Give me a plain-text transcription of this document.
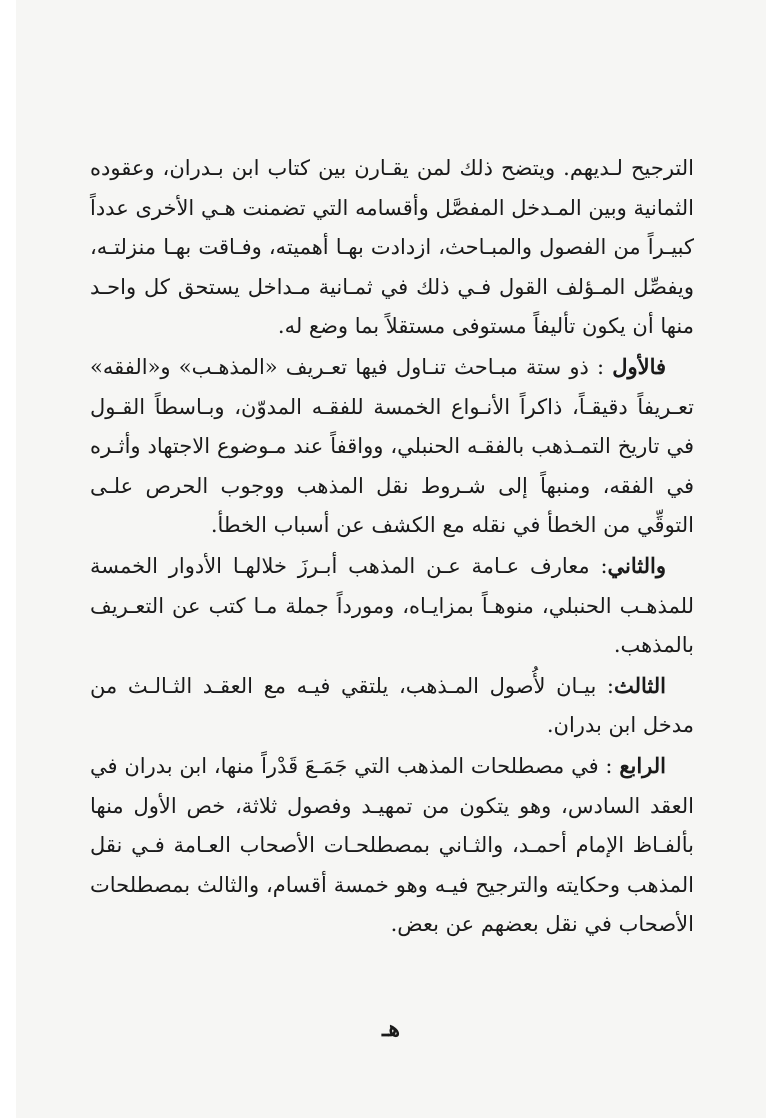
الترجيح لـديهم. ويتضح ذلك لمن يقـارن بين كتاب ابن بـدران، وعقوده الثمانية وبين المـدخل المفصَّل وأقسامه التي تضمنت هـي الأخرى عدداً كبيـراً من الفصول والمبـاحث، ازدادت بهـا أهميته، وفـاقت بهـا منزلتـه، ويفصِّل المـؤلف القول فـي ذلك في ثمـانية مـداخل يستحق كل واحـد منها أن يكون تأليفاً مستوفى مستقلاً بما وضع له.

فالأول : ذو ستة مبـاحث تنـاول فيها تعـريف «المذهـب» و«الفقه» تعـريفاً دقيقـاً، ذاكراً الأنـواع الخمسة للفقـه المدوّن، وبـاسطاً القـول في تاريخ التمـذهب بالفقـه الحنبلي، وواقفاً عند مـوضوع الاجتهاد وأثـره في الفقه، ومنبهاً إلى شـروط نقل المذهب ووجوب الحرص علـى التوقِّي من الخطأ في نقله مع الكشف عن أسباب الخطأ.

والثاني: معارف عـامة عـن المذهب أبـرزَ خلالهـا الأدوار الخمسة للمذهـب الحنبلي، منوهـاً بمزايـاه، ومورداً جملة مـا كتب عن التعـريف بالمذهب.

الثالث: بيـان لأُصول المـذهب، يلتقي فيـه مع العقـد الثـالـث من مدخل ابن بدران.

الرابع : في مصطلحات المذهب التي جَمَـعَ قَدْراً منها، ابن بدران في العقد السادس، وهو يتكون من تمهيـد وفصول ثلاثة، خص الأول منها بألفـاظ الإمام أحمـد، والثـاني بمصطلحـات الأصحاب العـامة فـي نقل المذهب وحكايته والترجيح فيـه وهو خمسة أقسام، والثالث بمصطلحات الأصحاب في نقل بعضهم عن بعض.

هـ
